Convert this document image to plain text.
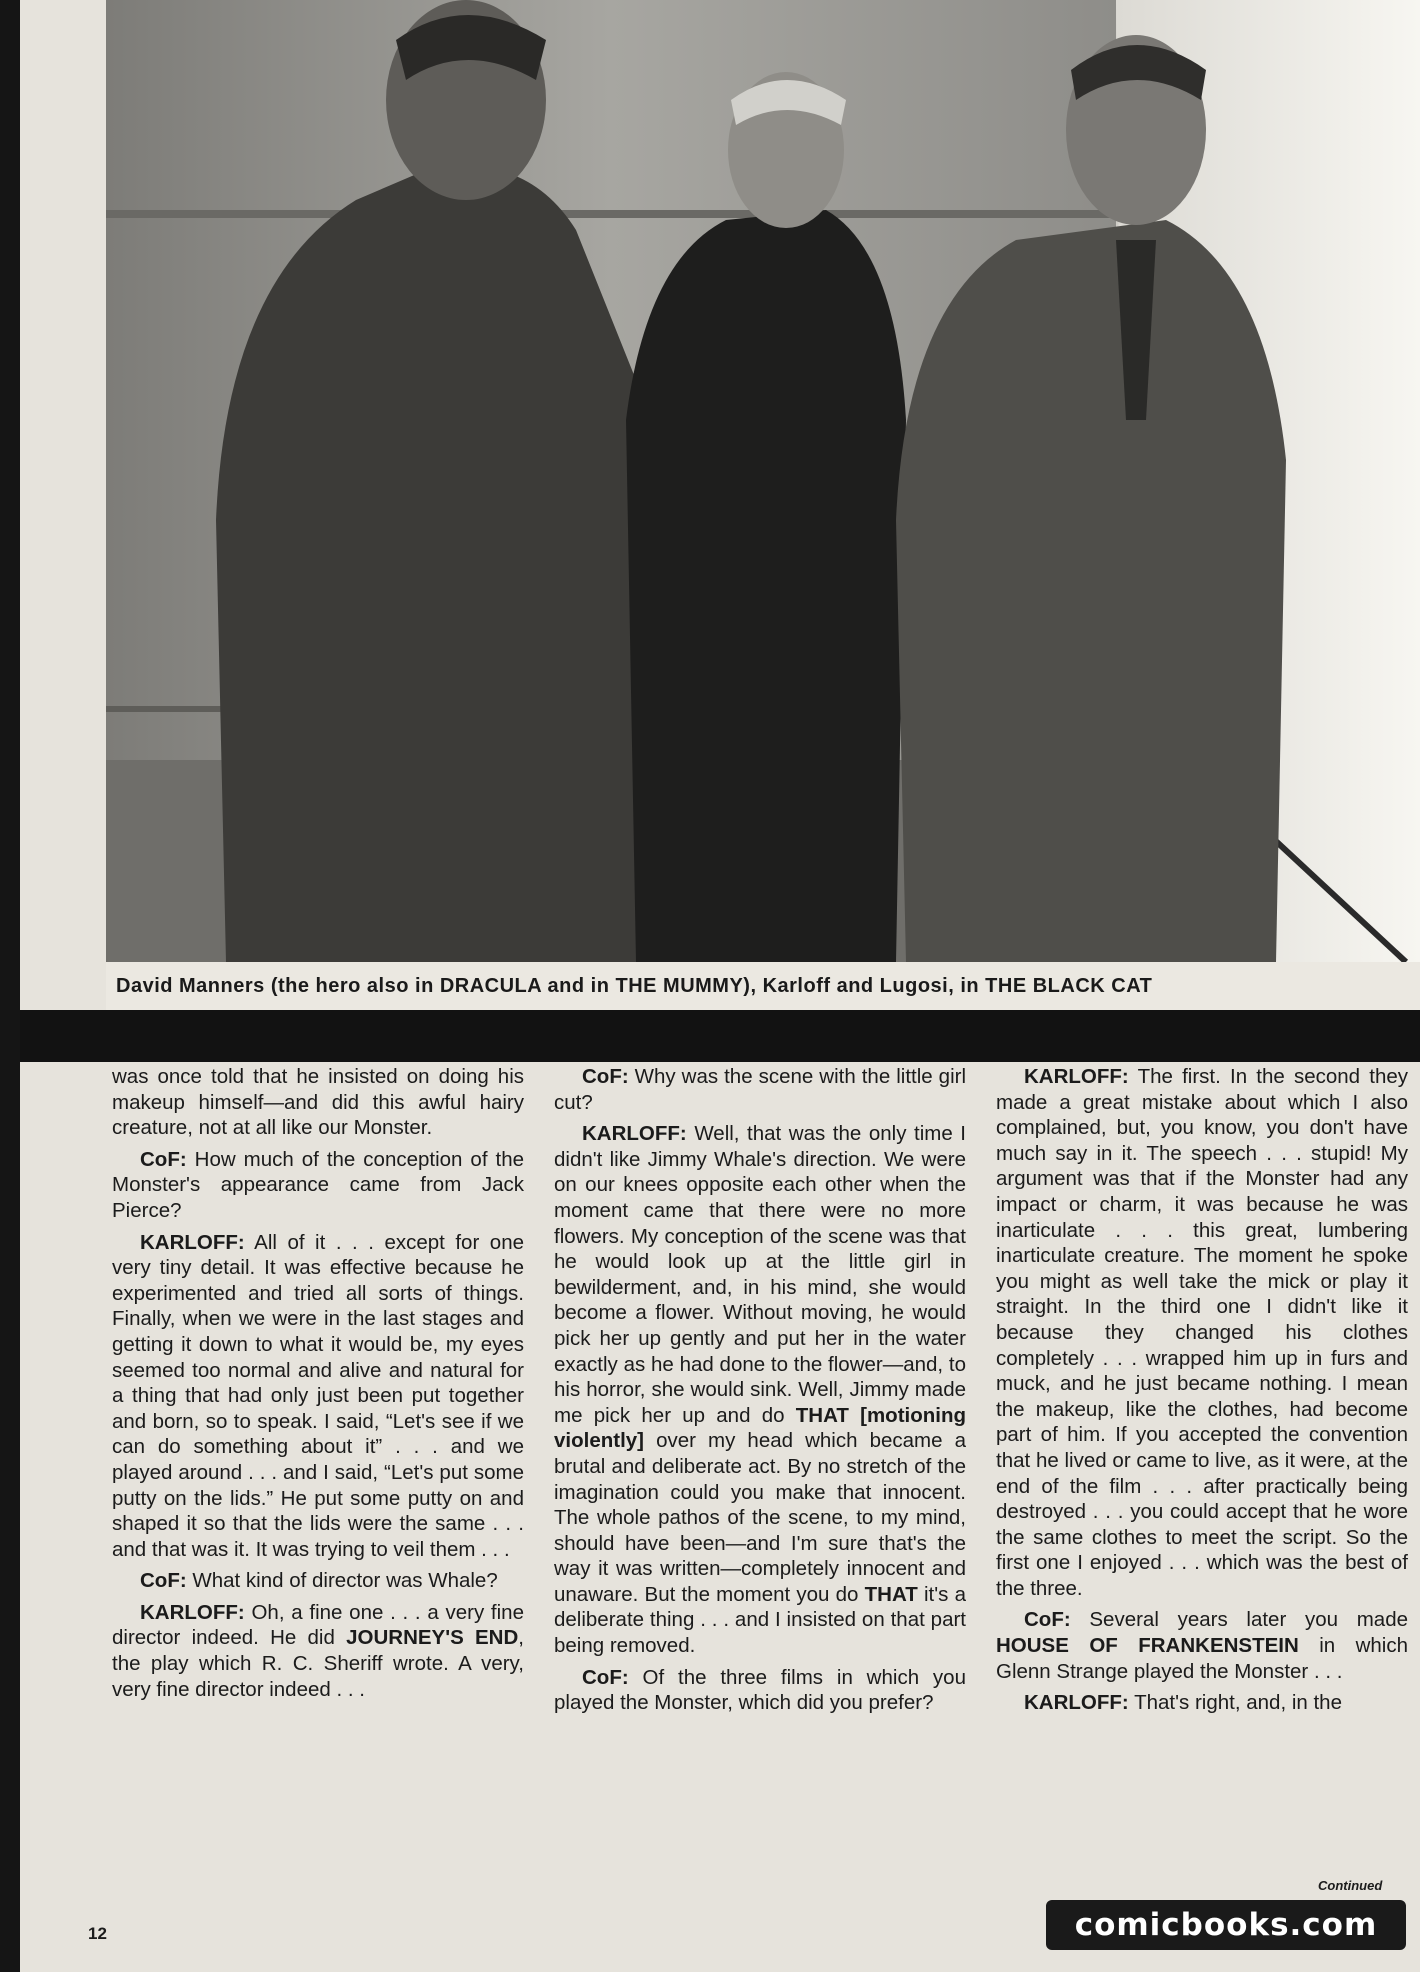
David Manners (the hero also in DRACULA and in THE MUMMY), Karloff and Lugosi, in THE BLACK CAT

was once told that he insisted on doing his makeup himself—and did this awful hairy creature, not at all like our Monster.

CoF: How much of the conception of the Monster's appearance came from Jack Pierce?

KARLOFF: All of it . . . except for one very tiny detail. It was effective because he experimented and tried all sorts of things. Finally, when we were in the last stages and getting it down to what it would be, my eyes seemed too normal and alive and natural for a thing that had only just been put together and born, so to speak. I said, “Let's see if we can do something about it” . . . and we played around . . . and I said, “Let's put some putty on the lids.” He put some putty on and shaped it so that the lids were the same . . . and that was it. It was trying to veil them . . .

CoF: What kind of director was Whale?

KARLOFF: Oh, a fine one . . . a very fine director indeed. He did JOURNEY'S END, the play which R. C. Sheriff wrote. A very, very fine director indeed . . .

CoF: Why was the scene with the little girl cut?

KARLOFF: Well, that was the only time I didn't like Jimmy Whale's direction. We were on our knees opposite each other when the moment came that there were no more flowers. My conception of the scene was that he would look up at the little girl in bewilderment, and, in his mind, she would become a flower. Without moving, he would pick her up gently and put her in the water exactly as he had done to the flower—and, to his horror, she would sink. Well, Jimmy made me pick her up and do THAT [motioning violently] over my head which became a brutal and deliberate act. By no stretch of the imagination could you make that innocent. The whole pathos of the scene, to my mind, should have been—and I'm sure that's the way it was written—completely innocent and unaware. But the moment you do THAT it's a deliberate thing . . . and I insisted on that part being removed.

CoF: Of the three films in which you played the Monster, which did you prefer?

KARLOFF: The first. In the second they made a great mistake about which I also complained, but, you know, you don't have much say in it. The speech . . . stupid! My argument was that if the Monster had any impact or charm, it was because he was inarticulate . . . this great, lumbering inarticulate creature. The moment he spoke you might as well take the mick or play it straight. In the third one I didn't like it because they changed his clothes completely . . . wrapped him up in furs and muck, and he just became nothing. I mean the makeup, like the clothes, had become part of him. If you accepted the convention that he lived or came to live, as it were, at the end of the film . . . after practically being destroyed . . . you could accept that he wore the same clothes to meet the script. So the first one I enjoyed . . . which was the best of the three.

CoF: Several years later you made HOUSE OF FRANKENSTEIN in which Glenn Strange played the Monster . . .

KARLOFF: That's right, and, in the

Continued
12	comicbooks.com
